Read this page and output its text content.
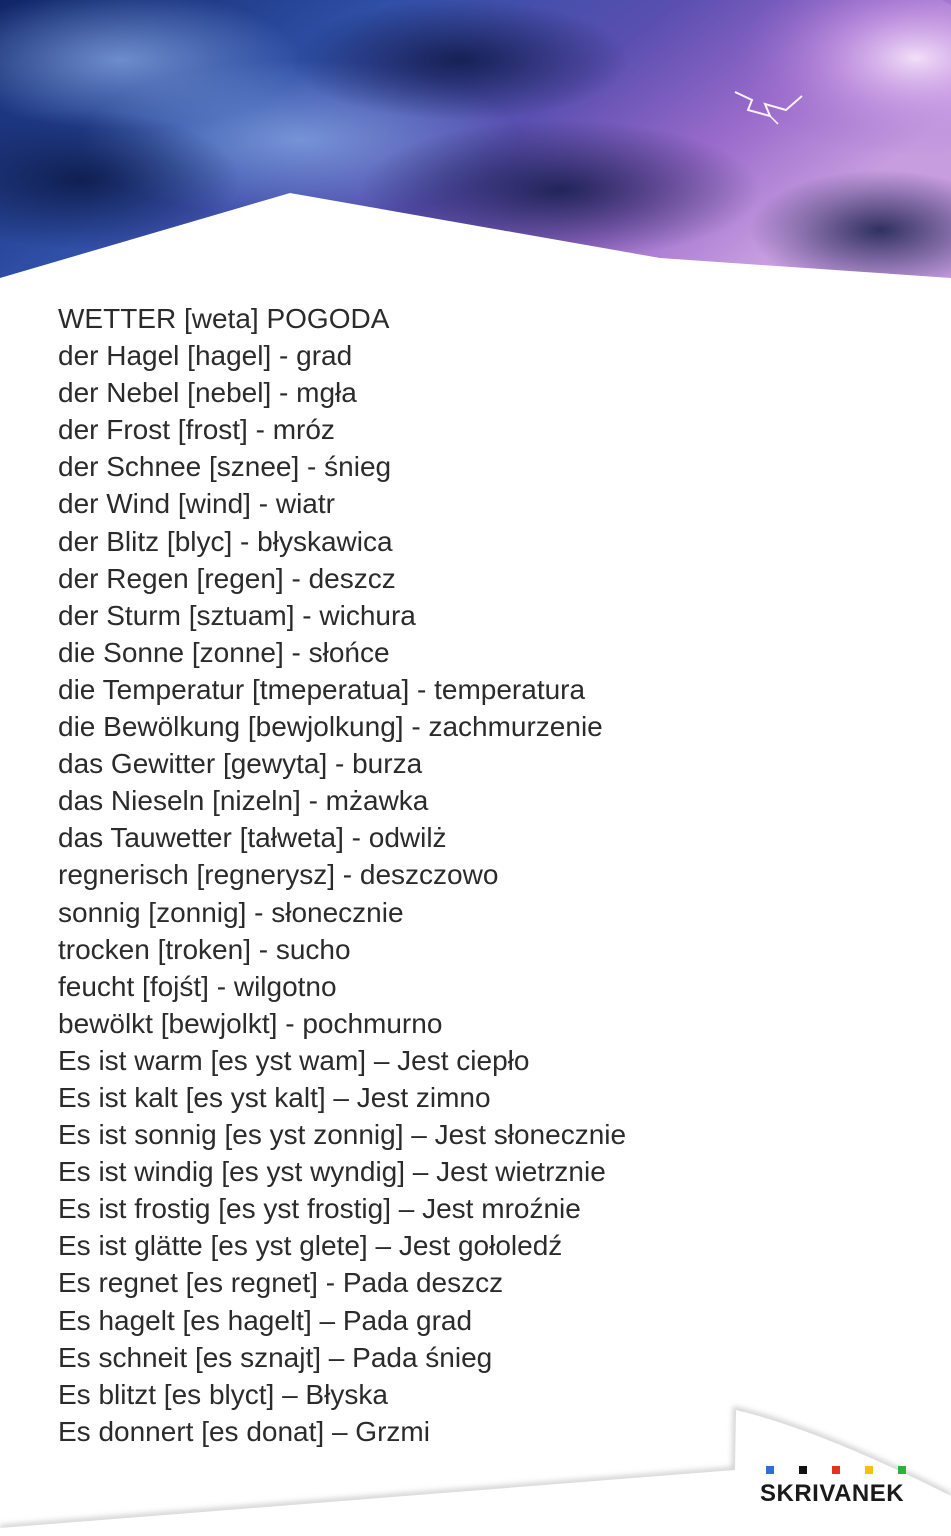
WETTER [weta] POGODA
der Hagel [hagel] - grad
der Nebel [nebel] - mgła
der Frost [frost] - mróz
der Schnee [sznee] - śnieg
der Wind [wind] - wiatr
der Blitz [blyc] - błyskawica
der Regen [regen] - deszcz
der Sturm [sztuam] - wichura
die Sonne [zonne] - słońce
die Temperatur [tmeperatua] - temperatura
die Bewölkung [bewjolkung] - zachmurzenie
das Gewitter [gewyta] - burza
das Nieseln [nizeln] - mżawka
das Tauwetter [tałweta] - odwilż
regnerisch [regnerysz] - deszczowo
sonnig [zonnig] - słonecznie
trocken [troken] - sucho
feucht [fojśt] - wilgotno
bewölkt [bewjolkt] - pochmurno
Es ist warm [es yst wam] – Jest ciepło
Es ist kalt [es yst kalt] – Jest zimno
Es ist sonnig [es yst zonnig] – Jest słonecznie
Es ist windig [es yst wyndig] – Jest wietrznie
Es ist frostig [es yst frostig] – Jest mroźnie
Es ist glätte [es yst glete] – Jest gołoledź
Es regnet [es regnet] - Pada deszcz
Es hagelt [es hagelt] – Pada grad
Es schneit [es sznajt] – Pada śnieg
Es blitzt [es blyct] – Błyska
Es donnert [es donat] – Grzmi
SKRIVANEK
